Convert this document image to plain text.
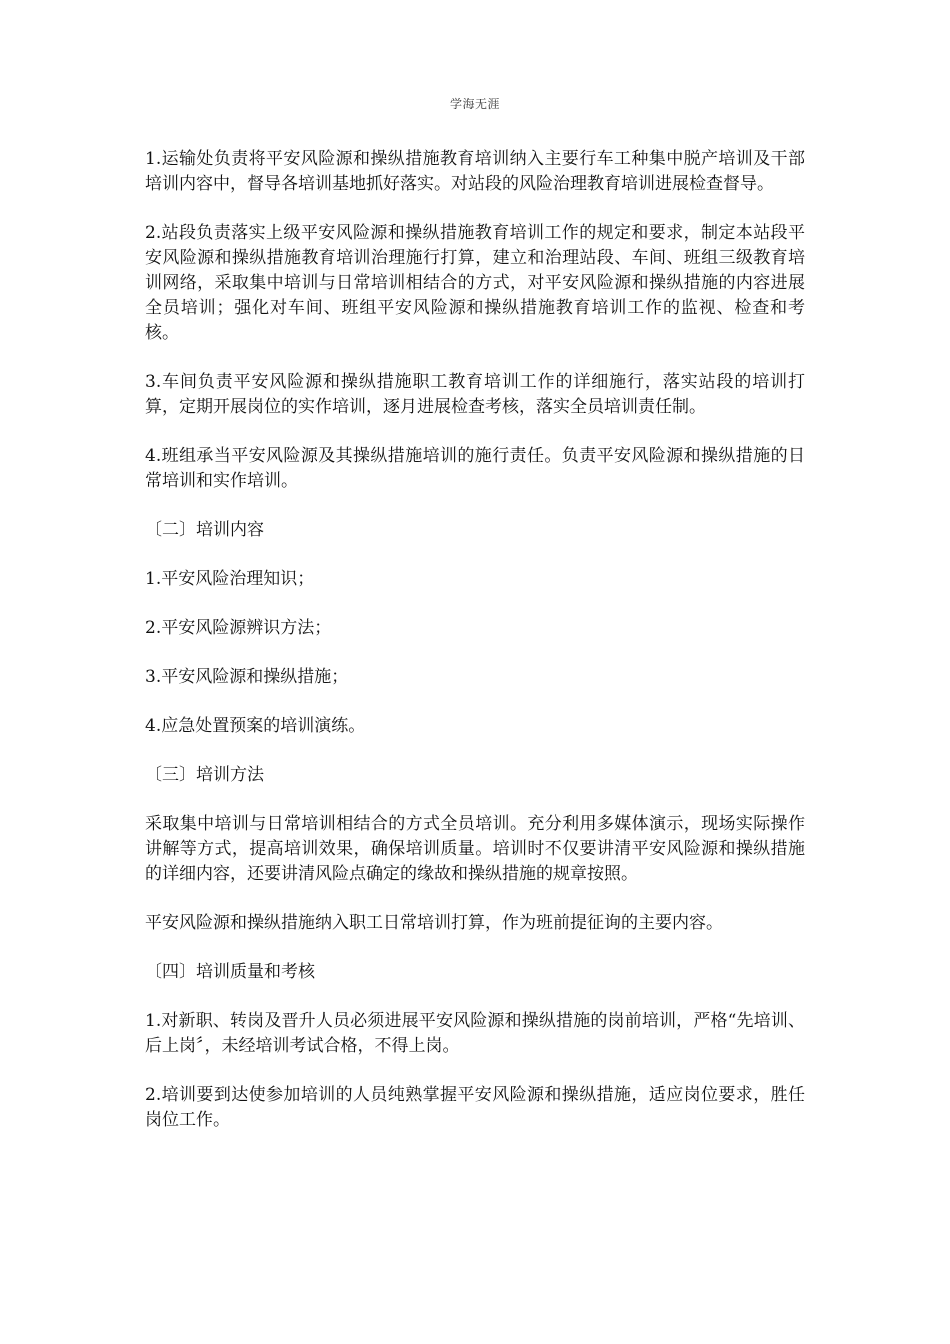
学海无涯

1.运输处负责将平安风险源和操纵措施教育培训纳入主要行车工种集中脱产培训及干部培训内容中，督导各培训基地抓好落实。对站段的风险治理教育培训进展检查督导。

2.站段负责落实上级平安风险源和操纵措施教育培训工作的规定和要求，制定本站段平安风险源和操纵措施教育培训治理施行打算，建立和治理站段、车间、班组三级教育培训网络，采取集中培训与日常培训相结合的方式，对平安风险源和操纵措施的内容进展全员培训；强化对车间、班组平安风险源和操纵措施教育培训工作的监视、检查和考核。

3.车间负责平安风险源和操纵措施职工教育培训工作的详细施行，落实站段的培训打算，定期开展岗位的实作培训，逐月进展检查考核，落实全员培训责任制。

4.班组承当平安风险源及其操纵措施培训的施行责任。负责平安风险源和操纵措施的日常培训和实作培训。

〔二〕培训内容

1.平安风险治理知识；

2.平安风险源辨识方法；

3.平安风险源和操纵措施；

4.应急处置预案的培训演练。

〔三〕培训方法

采取集中培训与日常培训相结合的方式全员培训。充分利用多媒体演示，现场实际操作讲解等方式，提高培训效果，确保培训质量。培训时不仅要讲清平安风险源和操纵措施的详细内容，还要讲清风险点确定的缘故和操纵措施的规章按照。

平安风险源和操纵措施纳入职工日常培训打算，作为班前提征询的主要内容。

〔四〕培训质量和考核

1.对新职、转岗及晋升人员必须进展平安风险源和操纵措施的岗前培训，严格“先培训、后上岗〞，未经培训考试合格，不得上岗。

2.培训要到达使参加培训的人员纯熟掌握平安风险源和操纵措施，适应岗位要求，胜任岗位工作。
